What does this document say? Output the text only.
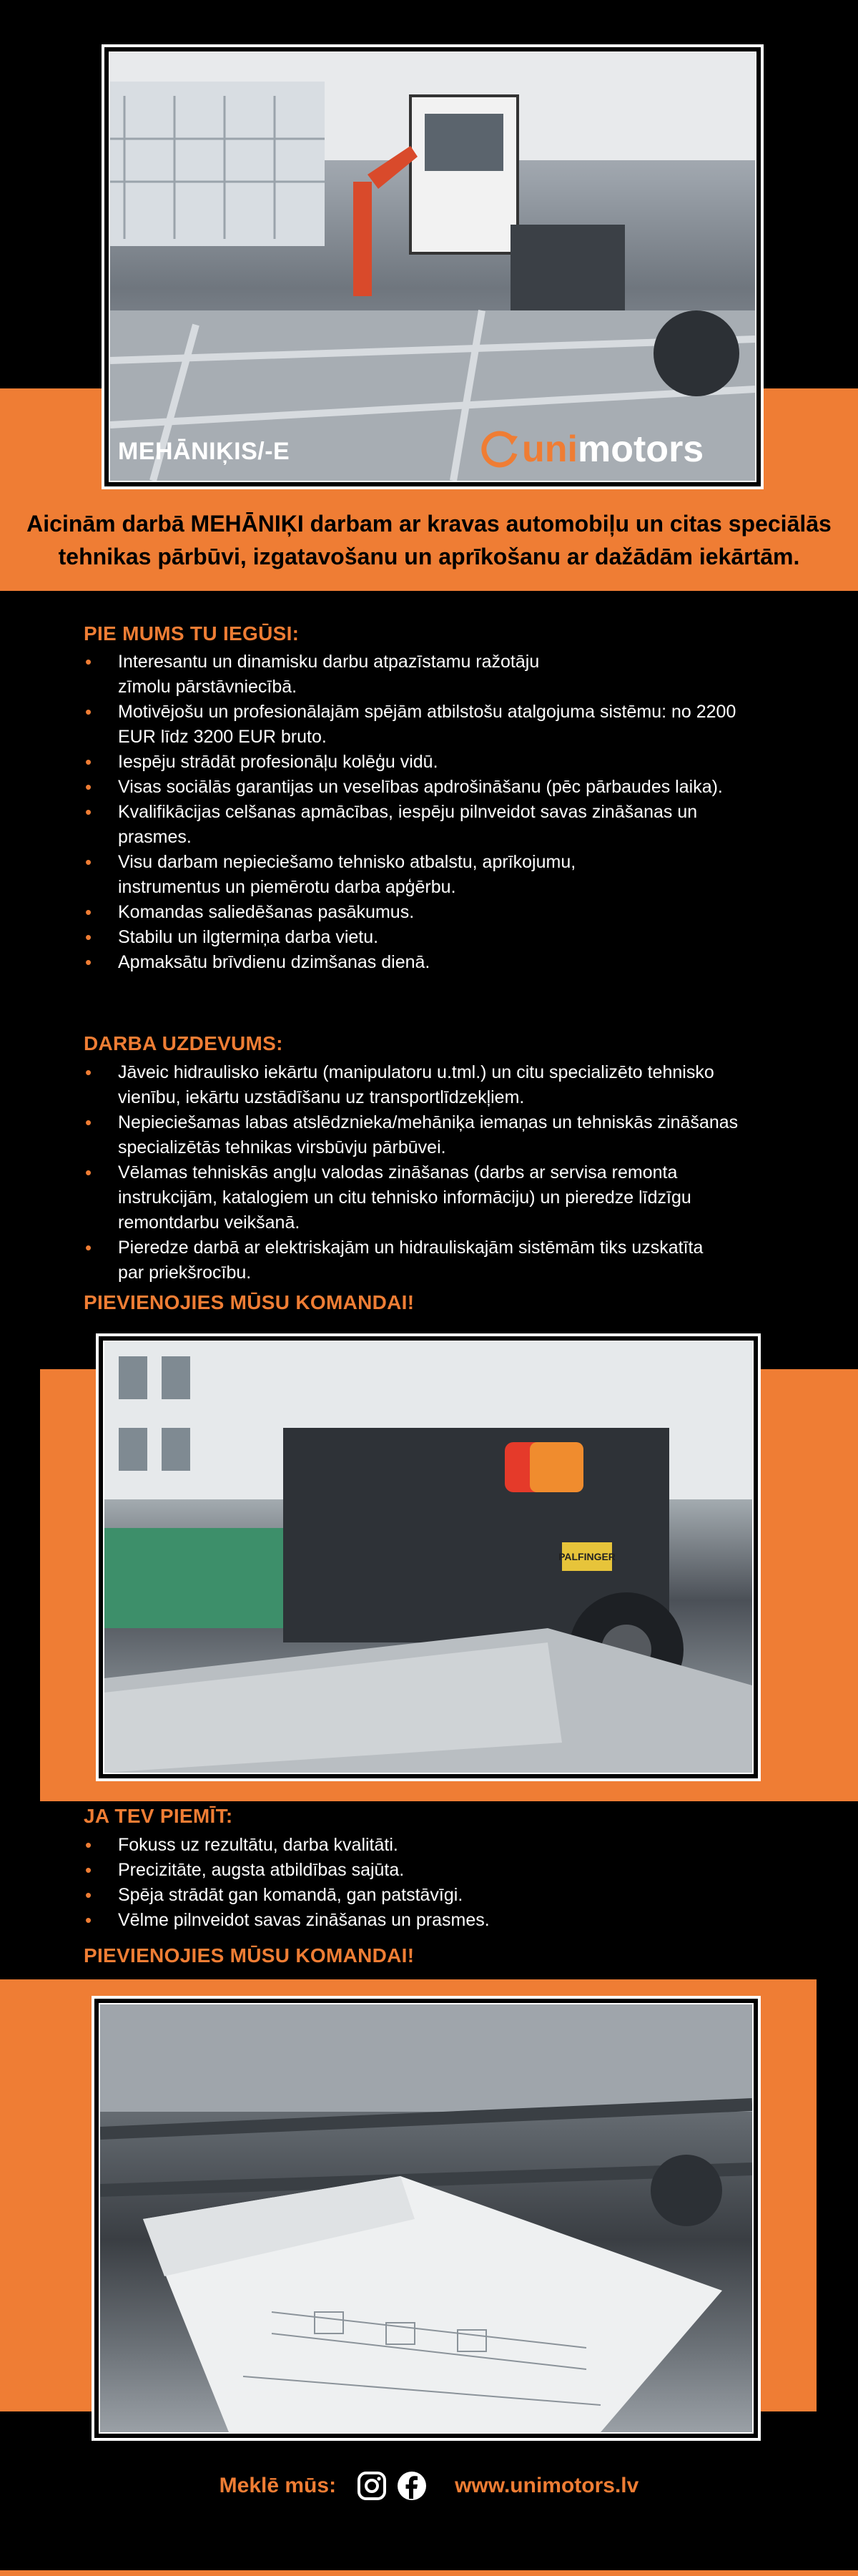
MEHĀNIĶIS/-E	uni motors
Aicinām darbā MEHĀNIĶI darbam ar kravas automobiļu un citas speciālās
tehnikas pārbūvi, izgatavošanu un aprīkošanu ar dažādām iekārtām.
PIE MUMS TU IEGŪSI:
• Interesantu un dinamisku darbu atpazīstamu ražotāju zīmolu pārstāvniecībā.
• Motivējošu un profesionālajām spējām atbilstošu atalgojuma sistēmu: no 2200 EUR līdz 3200 EUR bruto.
• Iespēju strādāt profesionāļu kolēģu vidū.
• Visas sociālās garantijas un veselības apdrošināšanu (pēc pārbaudes laika).
• Kvalifikācijas celšanas apmācības, iespēju pilnveidot savas zināšanas un prasmes.
• Visu darbam nepieciešamo tehnisko atbalstu, aprīkojumu, instrumentus un piemērotu darba apģērbu.
• Komandas saliedēšanas pasākumus.
• Stabilu un ilgtermiņa darba vietu.
• Apmaksātu brīvdienu dzimšanas dienā.
DARBA UZDEVUMS:
• Jāveic hidraulisko iekārtu (manipulatoru u.tml.) un citu specializēto tehnisko vienību, iekārtu uzstādīšanu uz transportlīdzekļiem.
• Nepieciešamas labas atslēdznieka/mehāniķa iemaņas un tehniskās zināšanas specializētās tehnikas virsbūvju pārbūvei.
• Vēlamas tehniskās angļu valodas zināšanas (darbs ar servisa remonta instrukcijām, katalogiem un citu tehnisko informāciju) un pieredze līdzīgu remontdarbu veikšanā.
• Pieredze darbā ar elektriskajām un hidrauliskajām sistēmām tiks uzskatīta par priekšrocību.
PIEVIENOJIES MŪSU KOMANDAI!
PALFINGER
JA TEV PIEMĪT:
• Fokuss uz rezultātu, darba kvalitāti.
• Precizitāte, augsta atbildības sajūta.
• Spēja strādāt gan komandā, gan patstāvīgi.
• Vēlme pilnveidot savas zināšanas un prasmes.
PIEVIENOJIES MŪSU KOMANDAI!
Meklē mūs:	www.unimotors.lv
